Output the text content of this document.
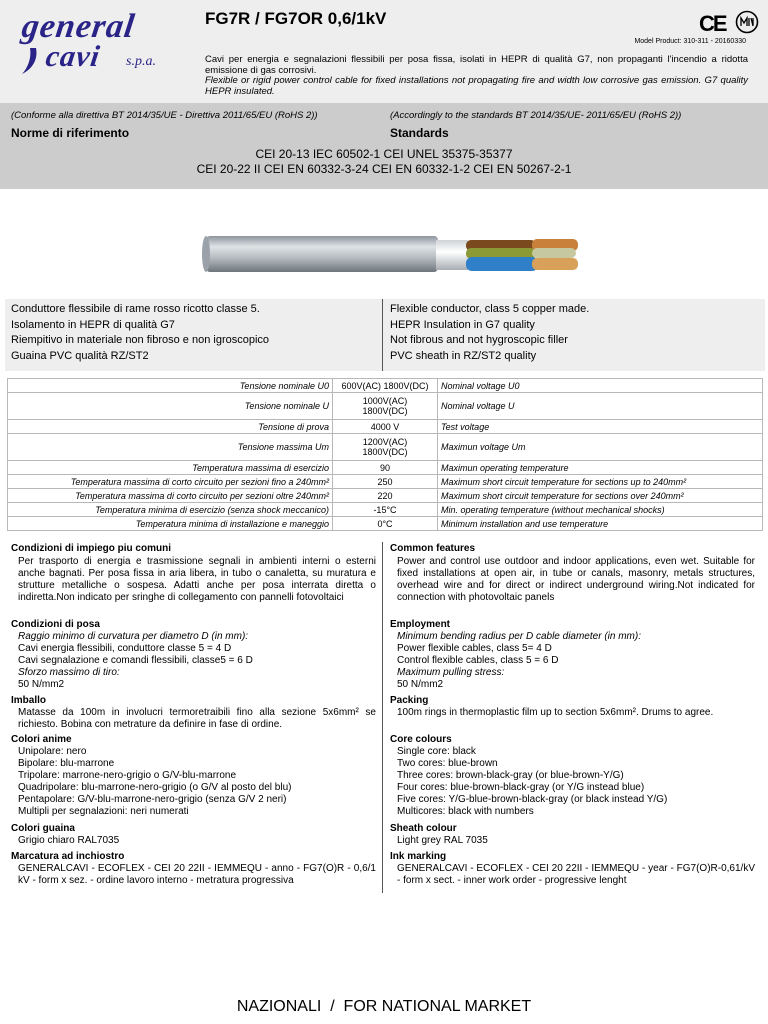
general
cavi s.p.a.
FG7R / FG7OR 0,6/1kV	CE
Model Product: 310-311 - 20160330
Cavi per energia e segnalazioni flessibili per posa fissa, isolati in HEPR di qualità G7, non propaganti l'incendio a ridotta emissione di gas corrosivi.
Flexible or rigid power control cable for fixed installations not propagating fire and width low corrosive gas emission. G7 quality HEPR insulated.
(Conforme alla direttiva BT 2014/35/UE - Direttiva 2011/65/EU (RoHS 2))	(Accordingly to the standards BT 2014/35/UE- 2011/65/EU (RoHS 2))
Norme di riferimento	Standards
CEI 20-13 IEC 60502-1 CEI UNEL 35375-35377
CEI 20-22 II CEI EN 60332-3-24 CEI EN 60332-1-2 CEI EN 50267-2-1
Conduttore flessibile di rame rosso ricotto classe 5.
Isolamento in HEPR di qualità G7
Riempitivo in materiale non fibroso e non igroscopico
Guaina PVC qualità RZ/ST2
Flexible conductor, class 5 copper made.
HEPR Insulation in G7 quality
Not fibrous and not hygroscopic filler
PVC sheath in RZ/ST2 quality
Tensione nominale U0	600V(AC) 1800V(DC)	Nominal voltage U0
Tensione nominale U	1000V(AC)
1800V(DC)	Nominal voltage U
Tensione di prova	4000 V	Test voltage
Tensione massima Um	1200V(AC)
1800V(DC)	Maximun voltage Um
Temperatura massima di esercizio	90	Maximun operating temperature
Temperatura massima di corto circuito per sezioni fino a 240mm²	250	Maximum short circuit temperature for sections up to 240mm²
Temperatura massima di corto circuito per sezioni oltre 240mm²	220	Maximum short circuit temperature for sections over 240mm²
Temperatura minima di esercizio (senza shock meccanico)	-15°C	Min. operating temperature (without mechanical shocks)
Temperatura minima di installazione e maneggio	0°C	Minimum installation and use temperature
Condizioni di impiego piu comuni
Per trasporto di energia e trasmissione segnali in ambienti interni o esterni anche bagnati. Per posa fissa in aria libera, in tubo o canaletta, su muratura e strutture metalliche o sospesa. Adatti anche per posa interrata diretta o indiretta.Non indicato per sringhe di collegamento con pannelli fotovoltaici
Condizioni di posa
Raggio minimo di curvatura per diametro D (in mm):
Cavi energia flessibili, conduttore classe 5 = 4 D
Cavi segnalazione e comandi flessibili, classe5 = 6 D
Sforzo massimo di tiro:
50 N/mm2
Imballo
Matasse da 100m in involucri termoretraibili fino alla sezione 5x6mm² se richiesto. Bobina con metrature da definire in fase di ordine.
Colori anime
Unipolare: nero
Bipolare: blu-marrone
Tripolare: marrone-nero-grigio o G/V-blu-marrone
Quadripolare: blu-marrone-nero-grigio (o G/V al posto del blu)
Pentapolare: G/V-blu-marrone-nero-grigio (senza G/V 2 neri)
Multipli per segnalazioni: neri numerati
Colori guaina
Grigio chiaro RAL7035
Marcatura ad inchiostro
GENERALCAVI - ECOFLEX - CEI 20 22II - IEMMEQU - anno - FG7(O)R - 0,6/1 kV - form x sez. - ordine lavoro interno - metratura progressiva
Common features
Power and control use outdoor and indoor applications, even wet. Suitable for fixed installations at open air, in tube or canals, masonry, metals structures, overhead wire and for direct or indirect underground wiring.Not indicated for connection with photovoltaic panels
Employment
Minimum bending radius per D cable diameter (in mm):
Power flexible cables, class 5= 4 D
Control flexible cables, class 5 = 6 D
Maximum pulling stress:
50 N/mm2
Packing
100m rings in thermoplastic film up to section 5x6mm². Drums to agree.
Core colours
Single core: black
Two cores: blue-brown
Three cores: brown-black-gray (or blue-brown-Y/G)
Four cores: blue-brown-black-gray (or Y/G instead blue)
Five cores: Y/G-blue-brown-black-gray (or black instead Y/G)
Multicores: black with numbers
Sheath colour
Light grey RAL 7035
Ink marking
GENERALCAVI - ECOFLEX - CEI 20 22II - IEMMEQU - year - FG7(O)R-0,61/kV - form x sect. - inner work order - progressive lenght
NAZIONALI  /  FOR NATIONAL MARKET
